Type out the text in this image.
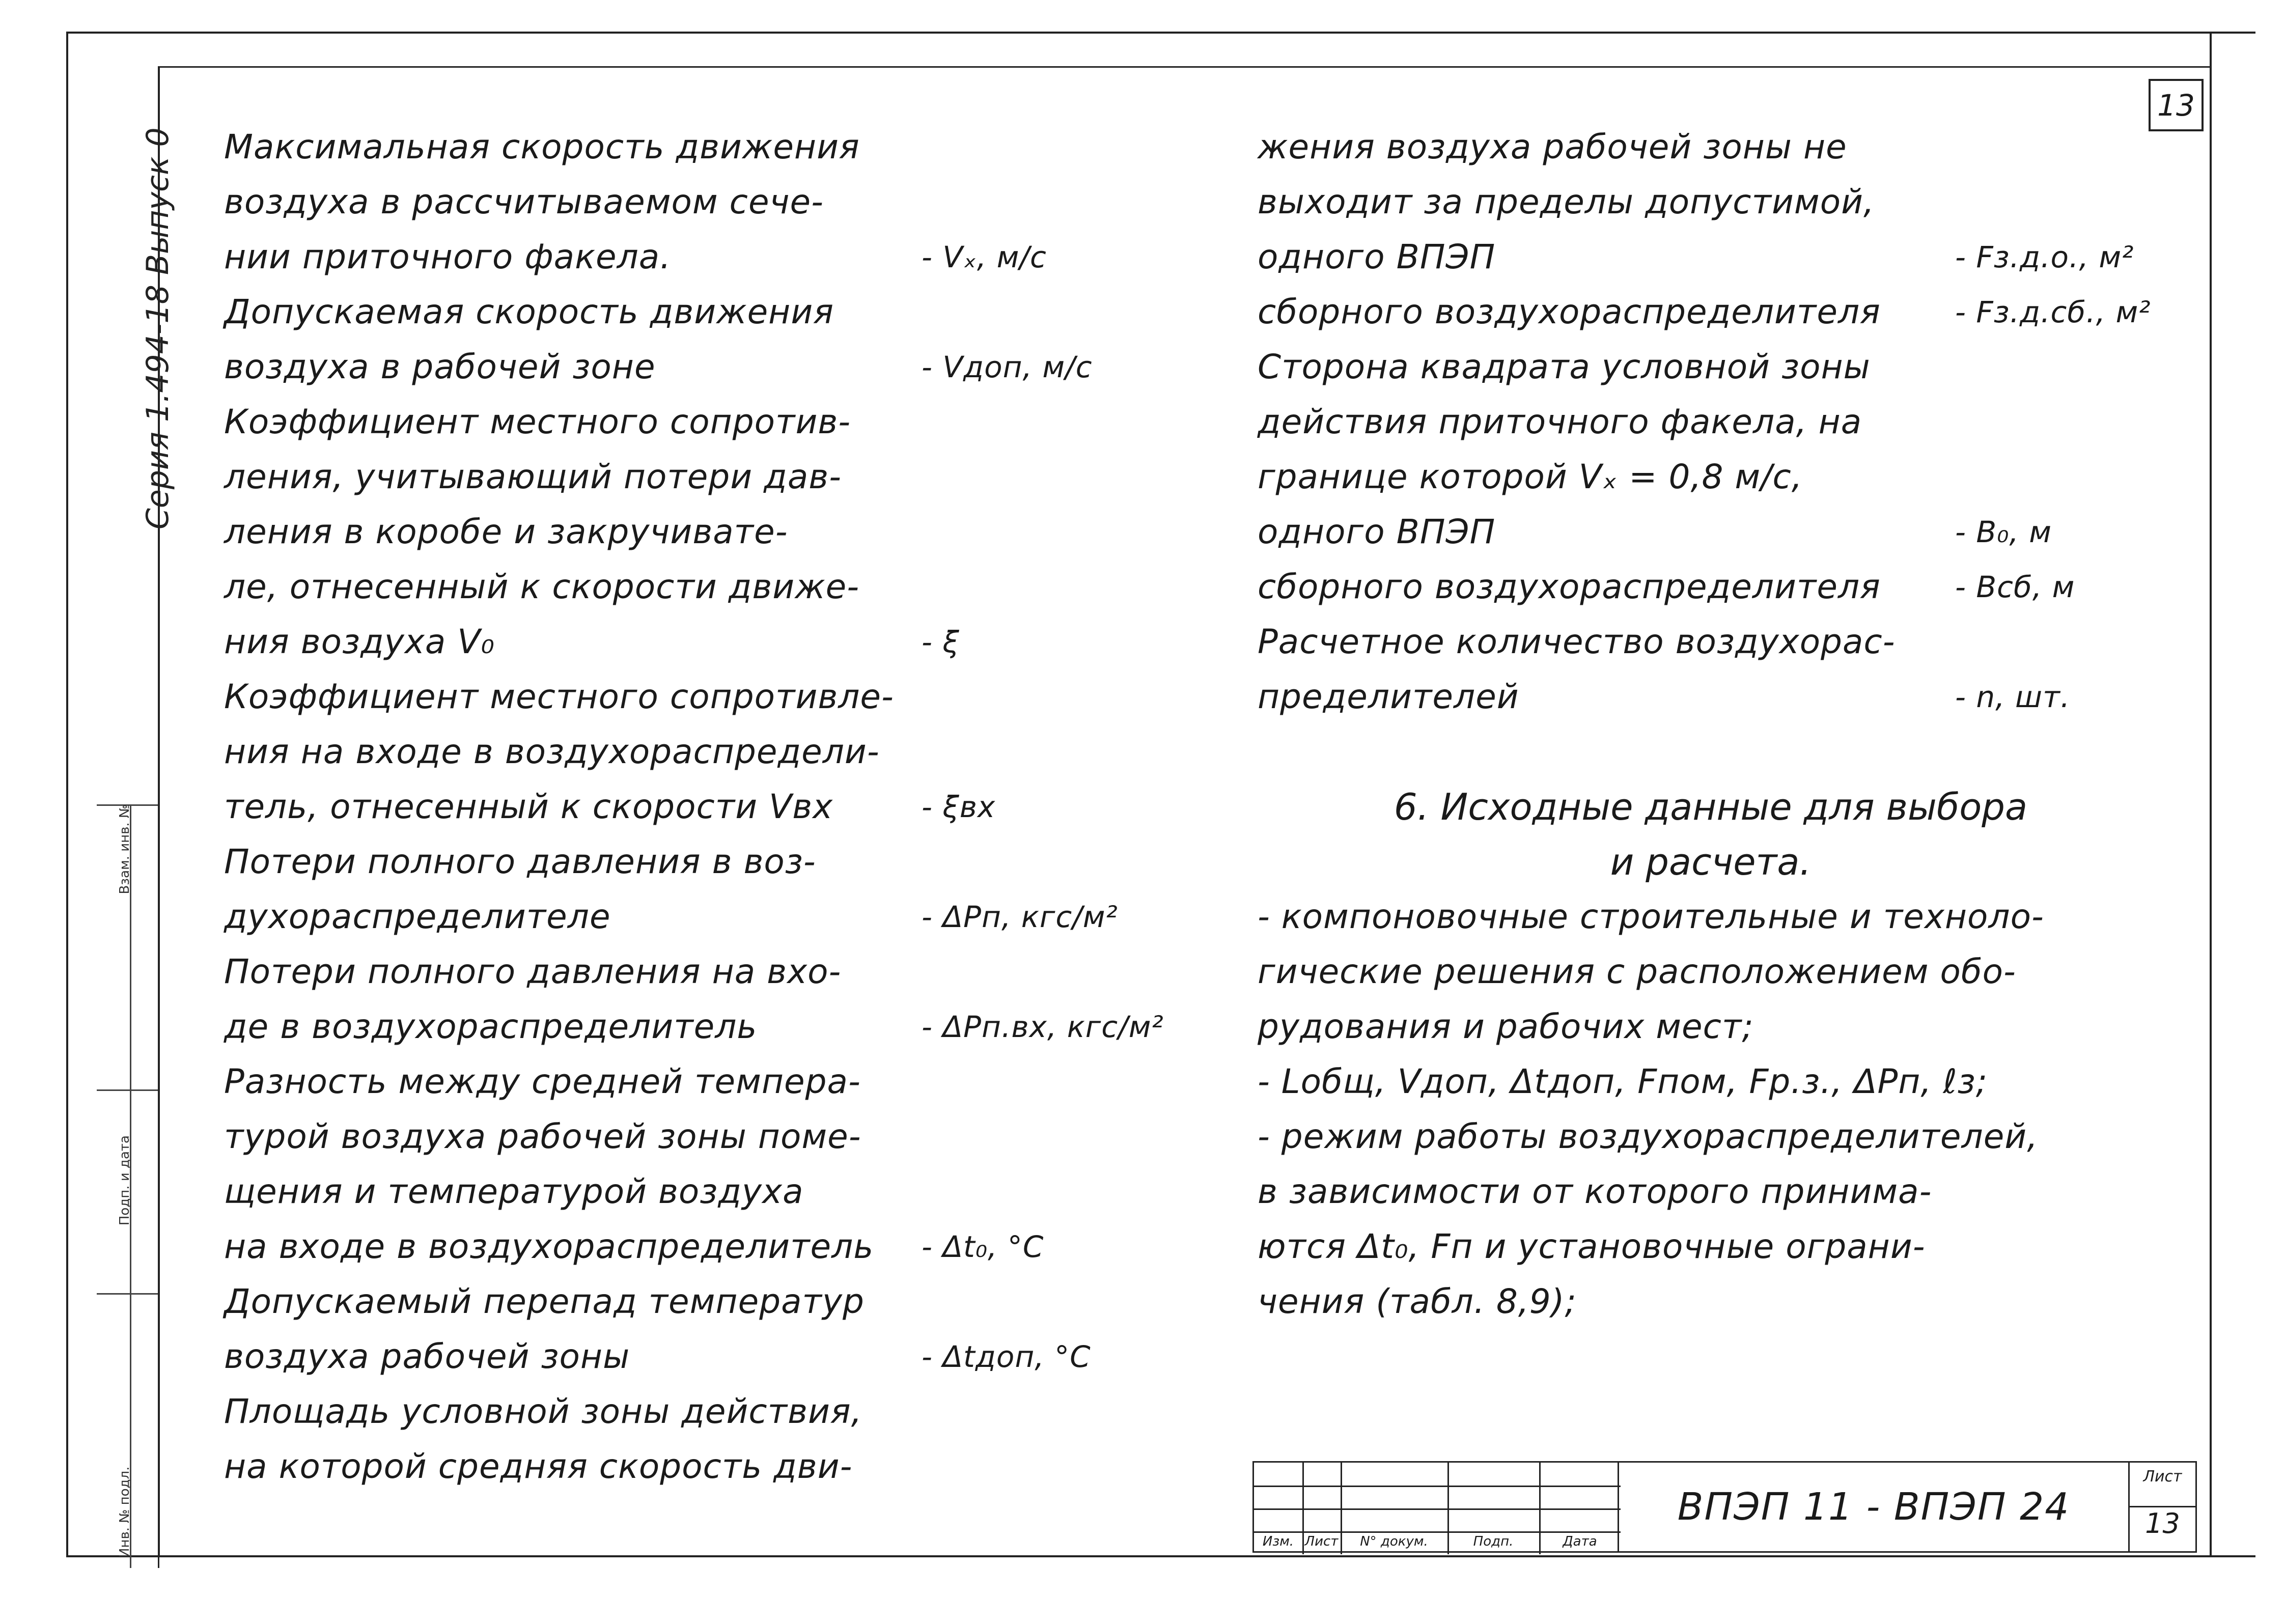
Серия 1.494-18 Выпуск 0
Инв. № подл.
Подп. и дата
Взам. инв. №
13
Максимальная скорость движения
воздуха в рассчитываемом сече-
нии приточного факела.	- Vₓ, м/с
Допускаемая скорость движения
воздуха в рабочей зоне	- Vдоп, м/с
Коэффициент местного сопротив-
ления, учитывающий потери дав-
ления в коробе и закручивате-
ле, отнесенный к скорости движе-
ния воздуха V₀	- ξ
Коэффициент местного сопротивле-
ния на входе в воздухораспредели-
тель, отнесенный к скорости Vвх	- ξвх
Потери полного давления в воз-
духораспределителе	- ΔPп, кгс/м²
Потери полного давления на вхо-
де в воздухораспределитель	- ΔPп.вх, кгс/м²
Разность между средней темпера-
турой воздуха рабочей зоны поме-
щения и температурой воздуха
на входе в воздухораспределитель - Δt₀, °C
Допускаемый перепад температур
воздуха рабочей зоны	- Δtдоп, °C
Площадь условной зоны действия,
на которой средняя скорость дви-
жения воздуха рабочей зоны не
выходит за пределы допустимой,
одного ВПЭП	- Fз.д.о., м²
сборного воздухораспределителя	- Fз.д.сб., м²
Сторона квадрата условной зоны
действия приточного факела, на
границе которой Vₓ = 0,8 м/с,
одного ВПЭП	- B₀, м
сборного воздухораспределителя	- Bсб, м
Расчетное количество воздухорас-
пределителей	- n, шт.
6. Исходные данные для выбора
и расчета.
- компоновочные строительные и техноло-
гические решения с расположением обо-
рудования и рабочих мест;
- Lобщ, Vдоп, Δtдоп, Fпом, Fр.з., ΔPп, ℓз;
- режим работы воздухораспределителей,
в зависимости от которого принима-
ются Δt₀, Fп и установочные ограни-
чения (табл. 8,9);
Изм. Лист	N° докум.	Подп.	Дата
ВПЭП 11 - ВПЭП 24
Лист
13
